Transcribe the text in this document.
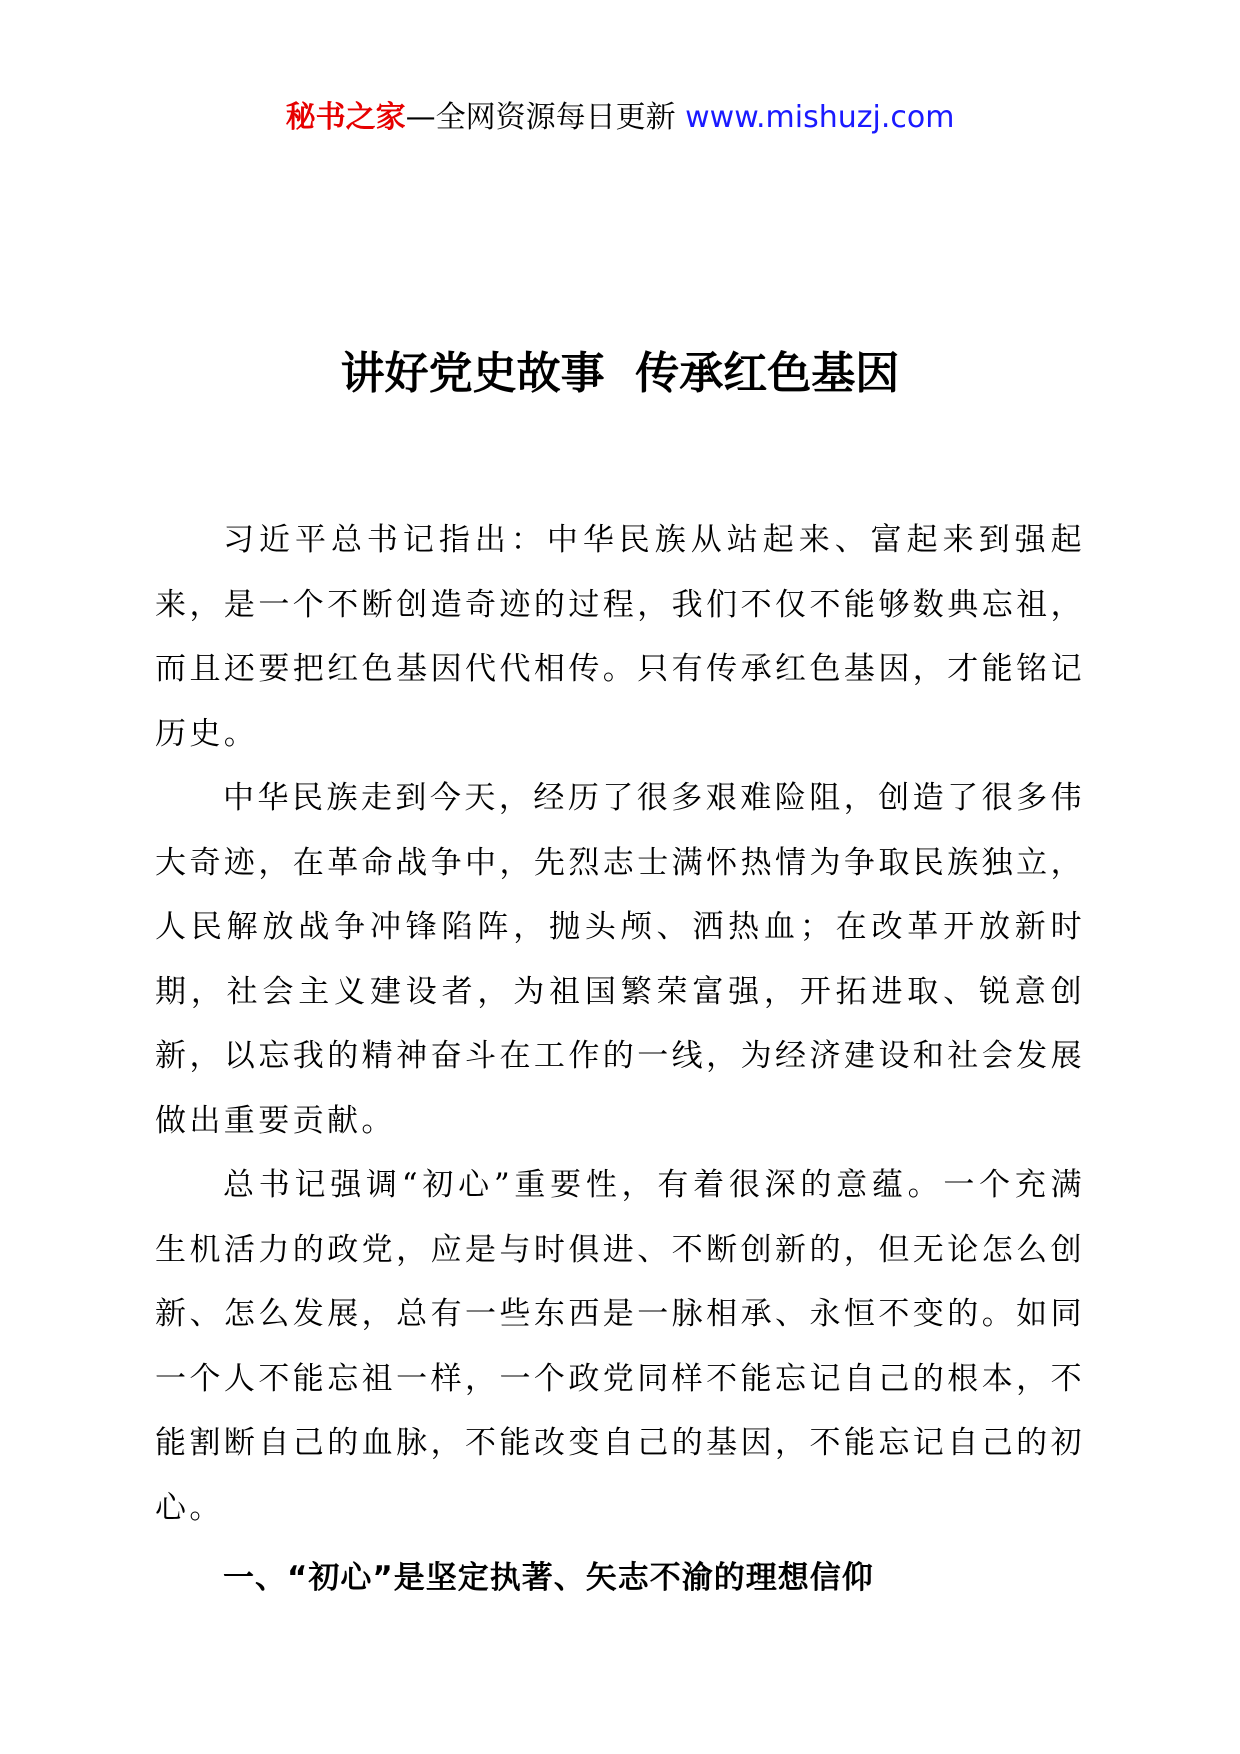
秘书之家—全网资源每日更新 www.mishuzj.com
讲好党史故事  传承红色基因

习近平总书记指出：中华民族从站起来、富起来到强起来，是一个不断创造奇迹的过程，我们不仅不能够数典忘祖，而且还要把红色基因代代相传。只有传承红色基因，才能铭记历史。

中华民族走到今天，经历了很多艰难险阻，创造了很多伟大奇迹，在革命战争中，先烈志士满怀热情为争取民族独立，人民解放战争冲锋陷阵，抛头颅、洒热血；在改革开放新时期，社会主义建设者，为祖国繁荣富强，开拓进取、锐意创新，以忘我的精神奋斗在工作的一线，为经济建设和社会发展做出重要贡献。

总书记强调“初心”重要性，有着很深的意蕴。一个充满生机活力的政党，应是与时俱进、不断创新的，但无论怎么创新、怎么发展，总有一些东西是一脉相承、永恒不变的。如同一个人不能忘祖一样，一个政党同样不能忘记自己的根本，不能割断自己的血脉，不能改变自己的基因，不能忘记自己的初心。

一、“初心”是坚定执著、矢志不渝的理想信仰
